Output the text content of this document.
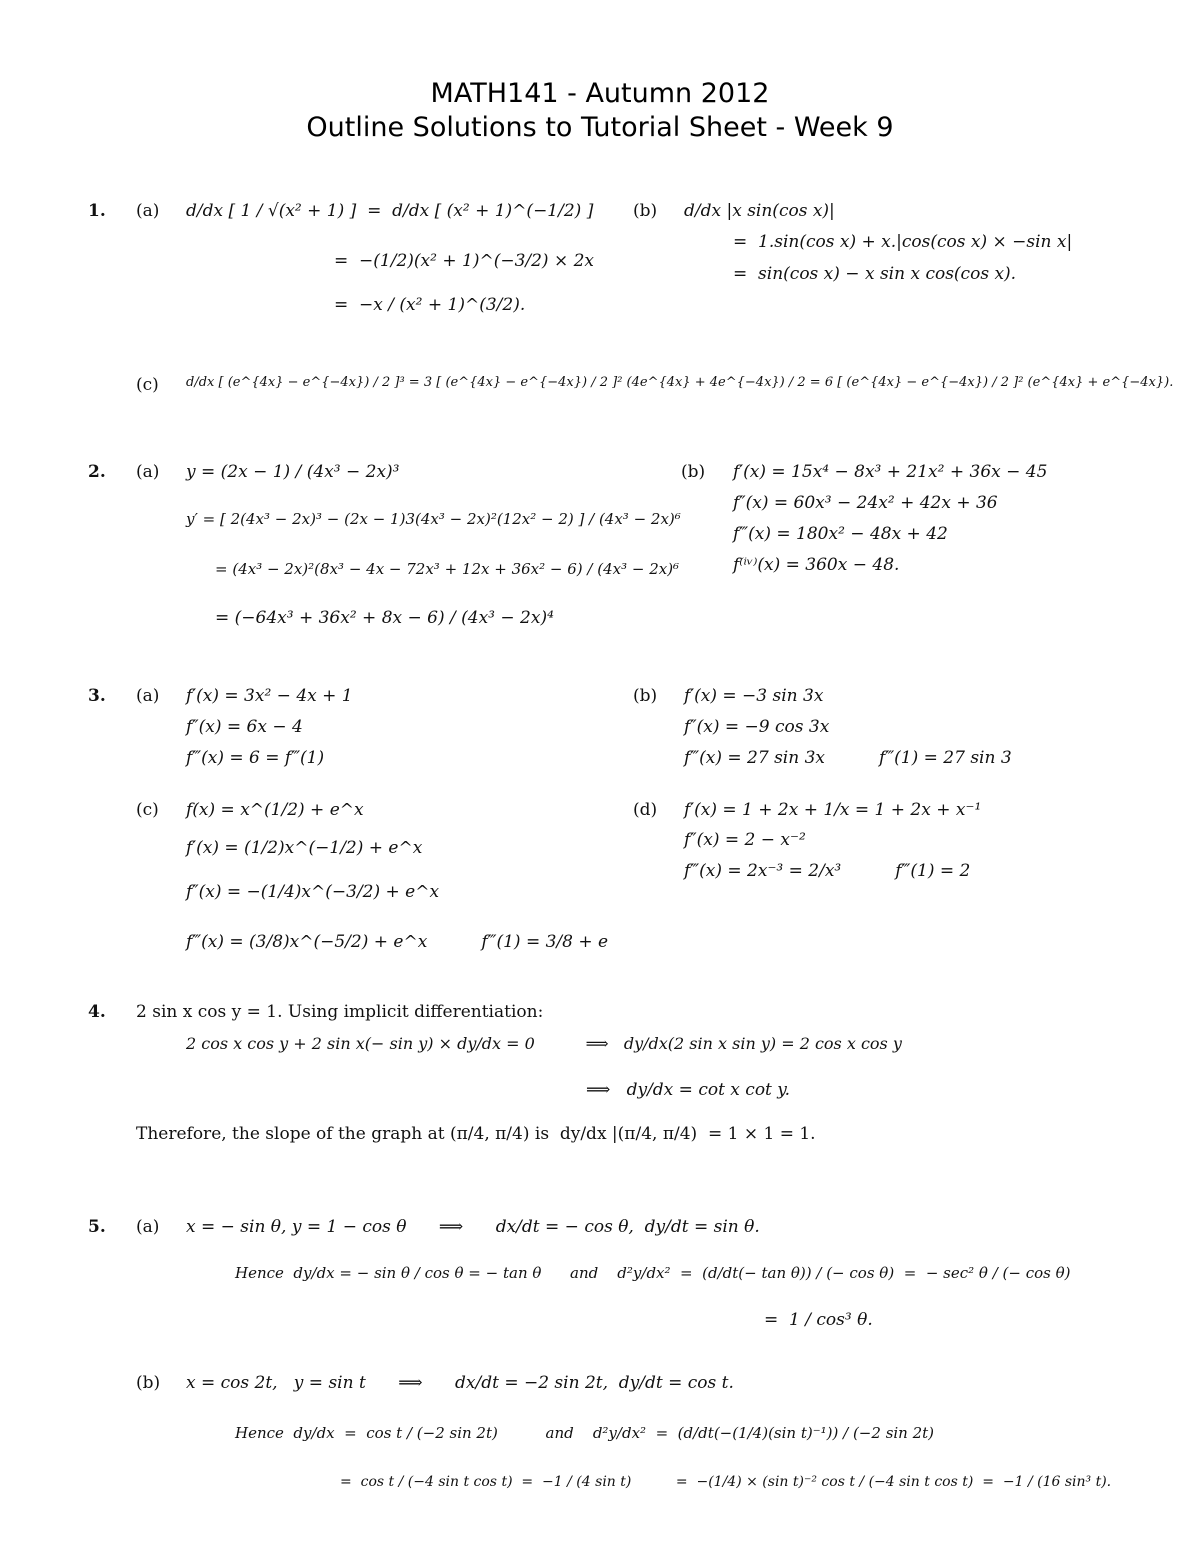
MATH141 - Autumn 2012
Outline Solutions to Tutorial Sheet - Week 9
1. (a) d/dx [ 1 / √(x² + 1) ]  =  d/dx [ (x² + 1)^(−1/2) ]
=  −(1/2)(x² + 1)^(−3/2) × 2x
=  −x / (x² + 1)^(3/2).
(b) d/dx |x sin(cos x)|
=  1.sin(cos x) + x.|cos(cos x) × −sin x|
=  sin(cos x) − x sin x cos(cos x).
(c) d/dx [ (e^{4x} − e^{−4x}) / 2 ]³ = 3 [ (e^{4x} − e^{−4x}) / 2 ]² (4e^{4x} + 4e^{−4x}) / 2 = 6 [ (e^{4x} − e^{−4x}) / 2 ]² (e^{4x} + e^{−4x}).
2. (a) y = (2x − 1) / (4x³ − 2x)³
y′ = [ 2(4x³ − 2x)³ − (2x − 1)3(4x³ − 2x)²(12x² − 2) ] / (4x³ − 2x)⁶
= (4x³ − 2x)²(8x³ − 4x − 72x³ + 12x + 36x² − 6) / (4x³ − 2x)⁶
= (−64x³ + 36x² + 8x − 6) / (4x³ − 2x)⁴
(b) f′(x) = 15x⁴ − 8x³ + 21x² + 36x − 45
f″(x) = 60x³ − 24x² + 42x + 36
f‴(x) = 180x² − 48x + 42
f⁽ⁱᵛ⁾(x) = 360x − 48.
3. (a) f′(x) = 3x² − 4x + 1
f″(x) = 6x − 4
f‴(x) = 6 = f‴(1)
(b) f′(x) = −3 sin 3x
f″(x) = −9 cos 3x
f‴(x) = 27 sin 3x          f‴(1) = 27 sin 3
(c) f(x) = x^(1/2) + e^x
f′(x) = (1/2)x^(−1/2) + e^x
f″(x) = −(1/4)x^(−3/2) + e^x
f‴(x) = (3/8)x^(−5/2) + e^x          f‴(1) = 3/8 + e
(d) f′(x) = 1 + 2x + 1/x = 1 + 2x + x⁻¹
f″(x) = 2 − x⁻²
f‴(x) = 2x⁻³ = 2/x³          f‴(1) = 2
4. 2 sin x cos y = 1. Using implicit differentiation:
2 cos x cos y + 2 sin x(− sin y) × dy/dx = 0          ⟹   dy/dx(2 sin x sin y) = 2 cos x cos y
⟹   dy/dx = cot x cot y.
Therefore, the slope of the graph at (π/4, π/4) is  dy/dx |(π/4, π/4)  = 1 × 1 = 1.
5. (a) x = − sin θ, y = 1 − cos θ      ⟹      dx/dt = − cos θ,  dy/dt = sin θ.
Hence  dy/dx = − sin θ / cos θ = − tan θ      and    d²y/dx²  =  (d/dt(− tan θ)) / (− cos θ)  =  − sec² θ / (− cos θ)
=  1 / cos³ θ.
(b) x = cos 2t,   y = sin t      ⟹      dx/dt = −2 sin 2t,  dy/dt = cos t.
Hence  dy/dx  =  cos t / (−2 sin 2t)          and    d²y/dx²  =  (d/dt(−(1/4)(sin t)⁻¹)) / (−2 sin 2t)
=  cos t / (−4 sin t cos t)  =  −1 / (4 sin t)          =  −(1/4) × (sin t)⁻² cos t / (−4 sin t cos t)  =  −1 / (16 sin³ t).
